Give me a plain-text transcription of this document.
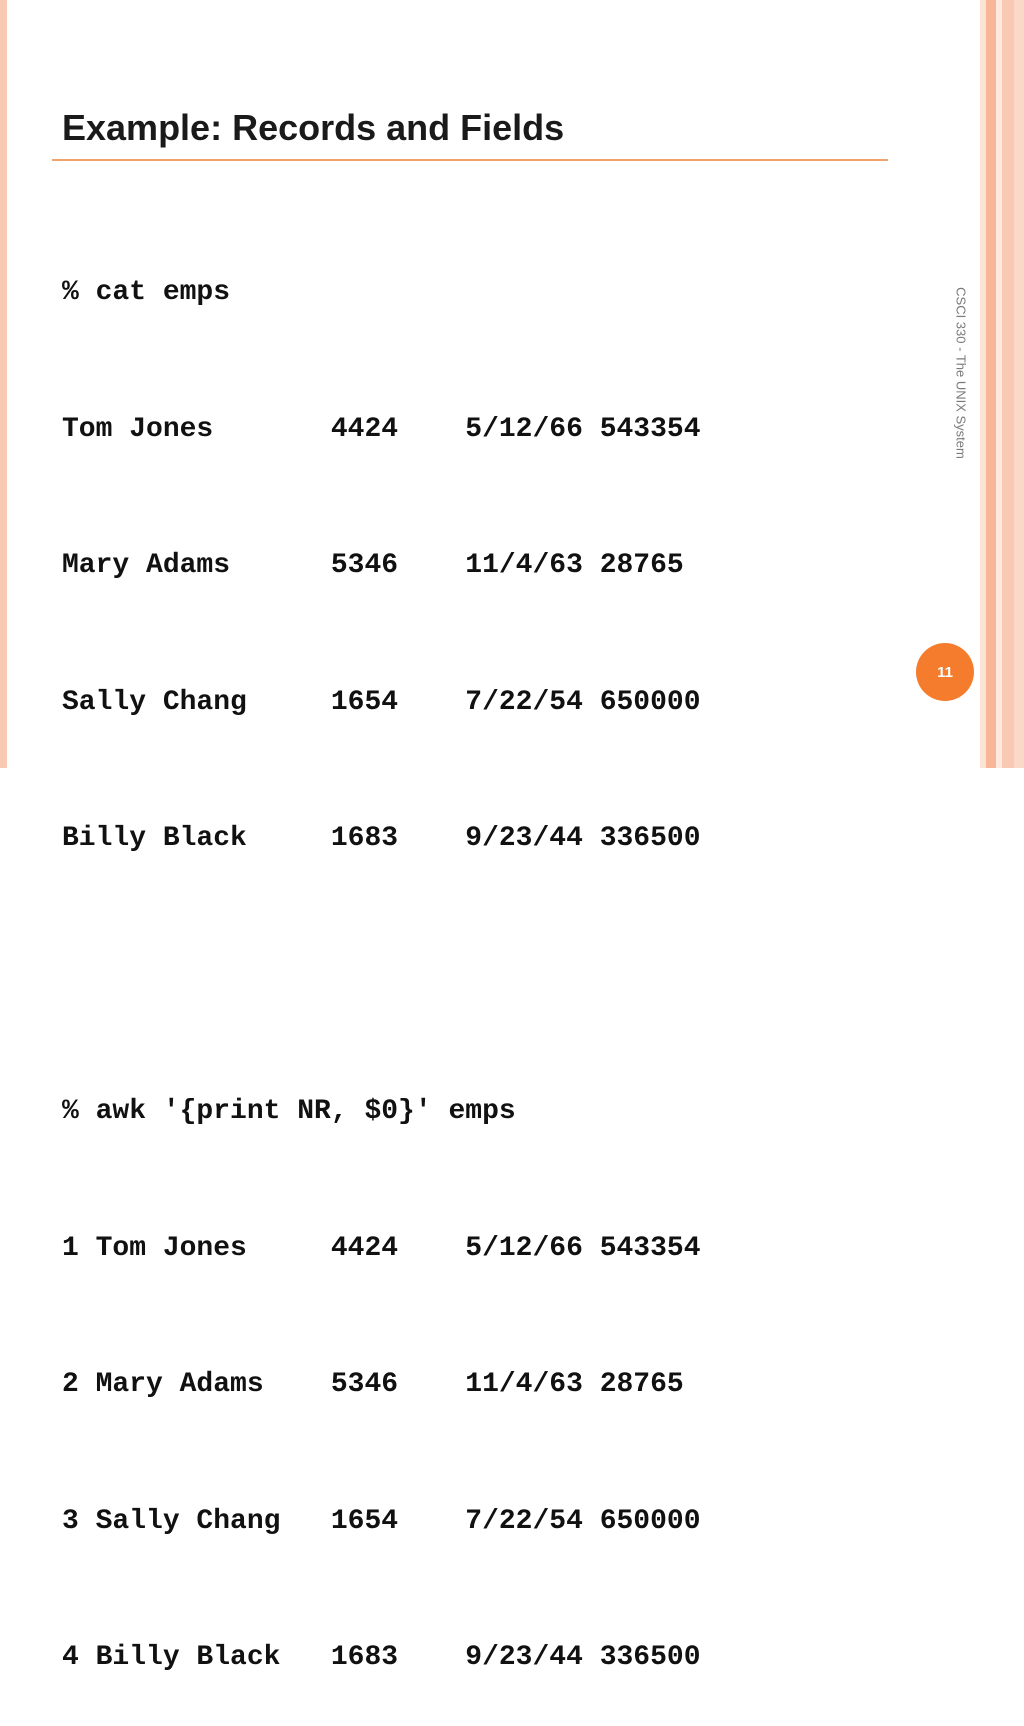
Example: Records and Fields

% cat emps

Tom Jones       4424    5/12/66 543354

Mary Adams      5346    11/4/63 28765

Sally Chang     1654    7/22/54 650000

Billy Black     1683    9/23/44 336500

% awk '{print NR, $0}' emps

1 Tom Jones     4424    5/12/66 543354

2 Mary Adams    5346    11/4/63 28765

3 Sally Chang   1654    7/22/54 650000

4 Billy Black   1683    9/23/44 336500

CSCI 330 - The UNIX System
11
